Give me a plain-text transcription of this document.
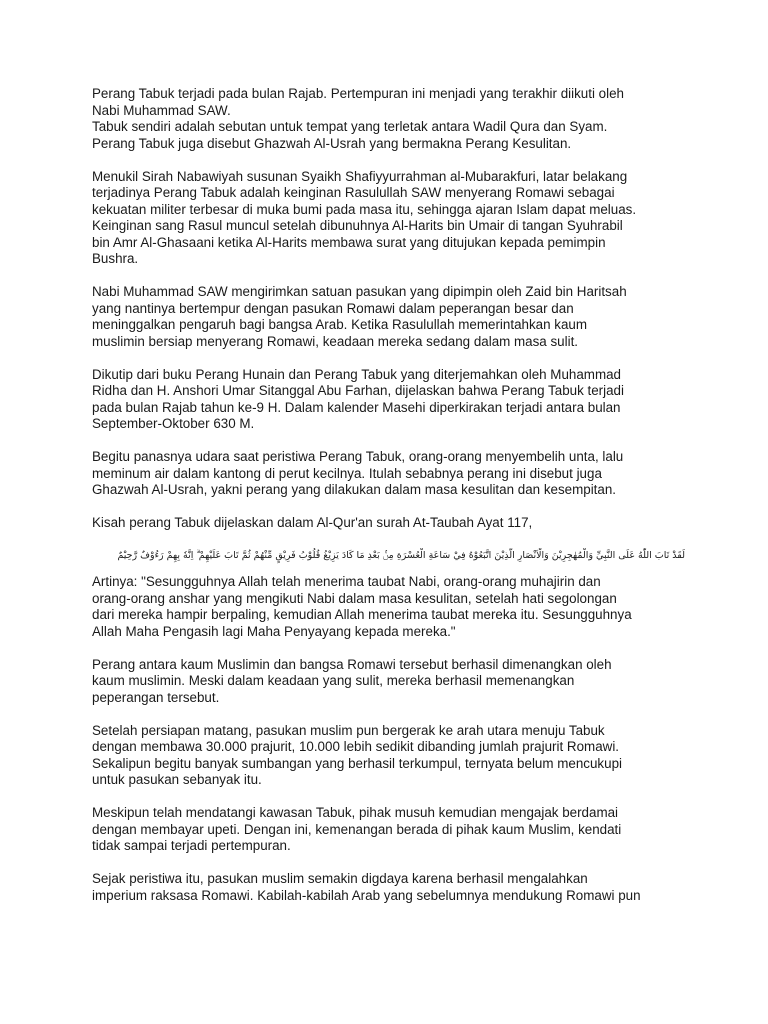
Perang Tabuk terjadi pada bulan Rajab. Pertempuran ini menjadi yang terakhir diikuti oleh
Nabi Muhammad SAW.
Tabuk sendiri adalah sebutan untuk tempat yang terletak antara Wadil Qura dan Syam.
Perang Tabuk juga disebut Ghazwah Al-Usrah yang bermakna Perang Kesulitan.

Menukil Sirah Nabawiyah susunan Syaikh Shafiyyurrahman al-Mubarakfuri, latar belakang
terjadinya Perang Tabuk adalah keinginan Rasulullah SAW menyerang Romawi sebagai
kekuatan militer terbesar di muka bumi pada masa itu, sehingga ajaran Islam dapat meluas.
Keinginan sang Rasul muncul setelah dibunuhnya Al-Harits bin Umair di tangan Syuhrabil
bin Amr Al-Ghasaani ketika Al-Harits membawa surat yang ditujukan kepada pemimpin
Bushra.

Nabi Muhammad SAW mengirimkan satuan pasukan yang dipimpin oleh Zaid bin Haritsah
yang nantinya bertempur dengan pasukan Romawi dalam peperangan besar dan
meninggalkan pengaruh bagi bangsa Arab. Ketika Rasulullah memerintahkan kaum
muslimin bersiap menyerang Romawi, keadaan mereka sedang dalam masa sulit.

Dikutip dari buku Perang Hunain dan Perang Tabuk yang diterjemahkan oleh Muhammad
Ridha dan H. Anshori Umar Sitanggal Abu Farhan, dijelaskan bahwa Perang Tabuk terjadi
pada bulan Rajab tahun ke-9 H. Dalam kalender Masehi diperkirakan terjadi antara bulan
September-Oktober 630 M.

Begitu panasnya udara saat peristiwa Perang Tabuk, orang-orang menyembelih unta, lalu
meminum air dalam kantong di perut kecilnya. Itulah sebabnya perang ini disebut juga
Ghazwah Al-Usrah, yakni perang yang dilakukan dalam masa kesulitan dan kesempitan.

Kisah perang Tabuk dijelaskan dalam Al-Qur'an surah At-Taubah Ayat 117,

لَقَدْ تَابَ اللّٰهُ عَلَى النَّبِيِّ وَالْمُهٰجِرِيْنَ وَالْاَنْصَارِ الَّذِيْنَ اتَّبَعُوْهُ فِيْ سَاعَةِ الْعُسْرَةِ مِنْۢ بَعْدِ مَا كَادَ يَزِيْغُ قُلُوْبُ فَرِيْقٍ مِّنْهُمْ ثُمَّ تَابَ عَلَيْهِمْ ۗ اِنَّهٗ بِهِمْ رَءُوْفٌ رَّحِيْمٌ

Artinya: "Sesungguhnya Allah telah menerima taubat Nabi, orang-orang muhajirin dan
orang-orang anshar yang mengikuti Nabi dalam masa kesulitan, setelah hati segolongan
dari mereka hampir berpaling, kemudian Allah menerima taubat mereka itu. Sesungguhnya
Allah Maha Pengasih lagi Maha Penyayang kepada mereka."

Perang antara kaum Muslimin dan bangsa Romawi tersebut berhasil dimenangkan oleh
kaum muslimin. Meski dalam keadaan yang sulit, mereka berhasil memenangkan
peperangan tersebut.

Setelah persiapan matang, pasukan muslim pun bergerak ke arah utara menuju Tabuk
dengan membawa 30.000 prajurit, 10.000 lebih sedikit dibanding jumlah prajurit Romawi.
Sekalipun begitu banyak sumbangan yang berhasil terkumpul, ternyata belum mencukupi
untuk pasukan sebanyak itu.

Meskipun telah mendatangi kawasan Tabuk, pihak musuh kemudian mengajak berdamai
dengan membayar upeti. Dengan ini, kemenangan berada di pihak kaum Muslim, kendati
tidak sampai terjadi pertempuran.

Sejak peristiwa itu, pasukan muslim semakin digdaya karena berhasil mengalahkan
imperium raksasa Romawi. Kabilah-kabilah Arab yang sebelumnya mendukung Romawi pun
